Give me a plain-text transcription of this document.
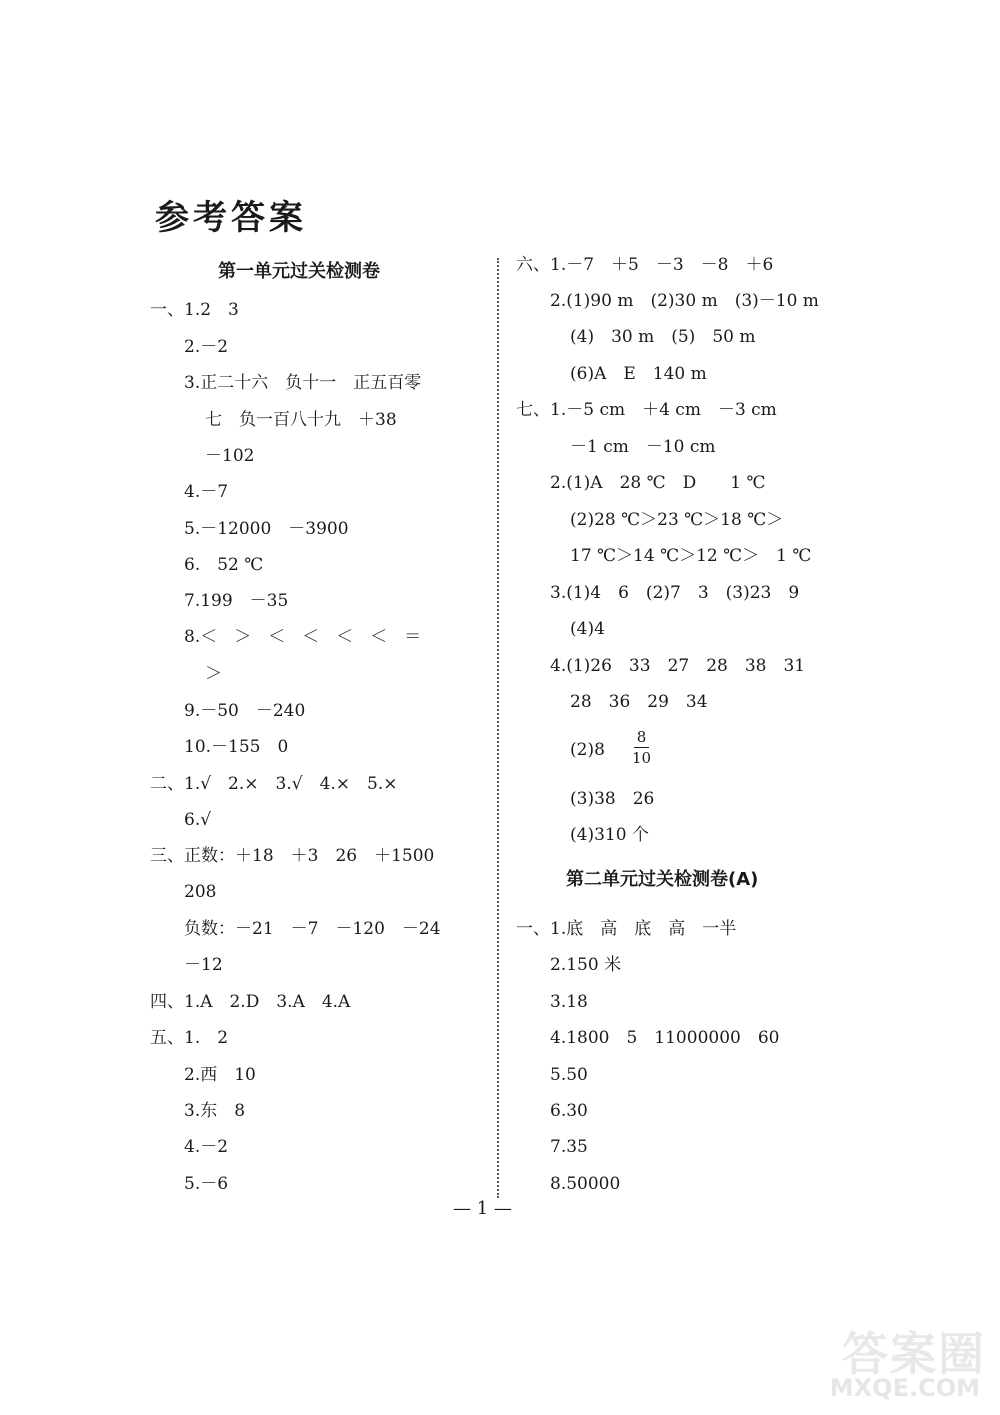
参考答案
第一单元过关检测卷
一、1.2　3
2.－2
3.正二十六　负十一　正五百零
七　负一百八十九　＋38
－102
4.－7
5.－12000　－3900
6.　52 ℃
7.199　－35
8.＜　＞　＜　＜　＜　＜　＝
＞
9.－50　－240
10.－155　0
二、1.√　2.×　3.√　4.×　5.×
6.√
三、正数：＋18　＋3　26　＋1500
208
负数：－21　－7　－120　－24
－12
四、1.A　2.D　3.A　4.A
五、1.　2
2.西　10
3.东　8
4.－2
5.－6
六、1.－7　＋5　－3　－8　＋6
2.(1)90 m　(2)30 m　(3)－10 m
(4)　30 m　(5)　50 m
(6)A　E　140 m
七、1.－5 cm　＋4 cm　－3 cm
－1 cm　－10 cm
2.(1)A　28 ℃　D　　1 ℃
(2)28 ℃＞23 ℃＞18 ℃＞
17 ℃＞14 ℃＞12 ℃＞　1 ℃
3.(1)4　6　(2)7　3　(3)23　9
(4)4
4.(1)26　33　27　28　38　31
28　36　29　34
$(2)8 \frac{8}{10}$
(3)38　26
(4)310 个
第二单元过关检测卷(A)
一、1.底　高　底　高　一半
2.150 米
3.18
4.1800　5　11000000　60
5.50
6.30
7.35
8.50000
— 1 —
答案圈
MXQE.COM
